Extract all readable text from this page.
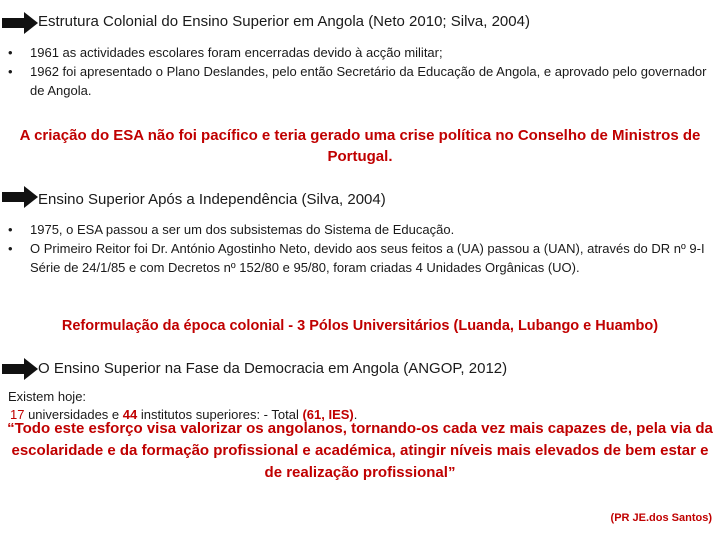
Estrutura Colonial do Ensino Superior em Angola (Neto 2010; Silva, 2004)
• 1961 as actividades escolares foram encerradas devido à acção militar;
• 1962 foi apresentado o Plano Deslandes, pelo então Secretário da Educação de Angola, e aprovado pelo governador de Angola.
A criação do ESA não foi pacífico e teria gerado uma crise política no Conselho de Ministros de Portugal.
Ensino Superior Após a Independência (Silva, 2004)
• 1975, o ESA passou a ser um dos subsistemas do Sistema de Educação.
• O Primeiro Reitor foi Dr. António Agostinho Neto, devido aos seus feitos a (UA) passou a (UAN), através do DR nº 9-I Série de 24/1/85 e com Decretos nº 152/80 e 95/80, foram criadas 4 Unidades Orgânicas (UO).
Reformulação da época colonial - 3 Pólos Universitários (Luanda, Lubango e Huambo)
O Ensino Superior na Fase da Democracia em Angola (ANGOP, 2012)
Existem hoje:
17 universidades e 44 institutos superiores: - Total (61, IES).
“Todo este esforço visa valorizar os angolanos, tornando-os cada vez mais capazes de, pela via da escolaridade e da formação profissional e académica, atingir níveis mais elevados de bem estar e de realização profissional”
(PR JE.dos Santos)
